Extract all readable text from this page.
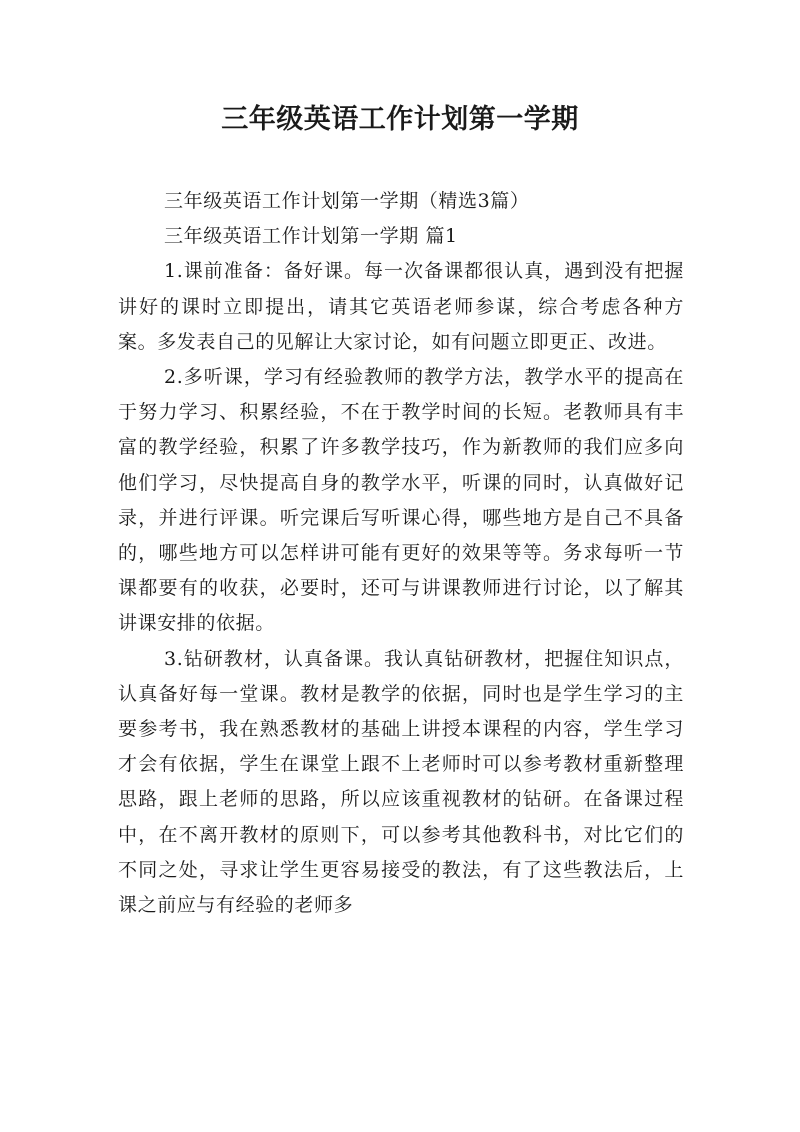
三年级英语工作计划第一学期

三年级英语工作计划第一学期（精选3篇）

三年级英语工作计划第一学期 篇1

1.课前准备：备好课。每一次备课都很认真，遇到没有把握讲好的课时立即提出，请其它英语老师参谋，综合考虑各种方案。多发表自己的见解让大家讨论，如有问题立即更正、改进。

2.多听课，学习有经验教师的教学方法，教学水平的提高在于努力学习、积累经验，不在于教学时间的长短。老教师具有丰富的教学经验，积累了许多教学技巧，作为新教师的我们应多向他们学习，尽快提高自身的教学水平，听课的同时，认真做好记录，并进行评课。听完课后写听课心得，哪些地方是自己不具备的，哪些地方可以怎样讲可能有更好的效果等等。务求每听一节课都要有的收获，必要时，还可与讲课教师进行讨论，以了解其讲课安排的依据。

3.钻研教材，认真备课。我认真钻研教材，把握住知识点，认真备好每一堂课。教材是教学的依据，同时也是学生学习的主要参考书，我在熟悉教材的基础上讲授本课程的内容，学生学习才会有依据，学生在课堂上跟不上老师时可以参考教材重新整理思路，跟上老师的思路，所以应该重视教材的钻研。在备课过程中，在不离开教材的原则下，可以参考其他教科书，对比它们的不同之处，寻求让学生更容易接受的教法，有了这些教法后，上课之前应与有经验的老师多
